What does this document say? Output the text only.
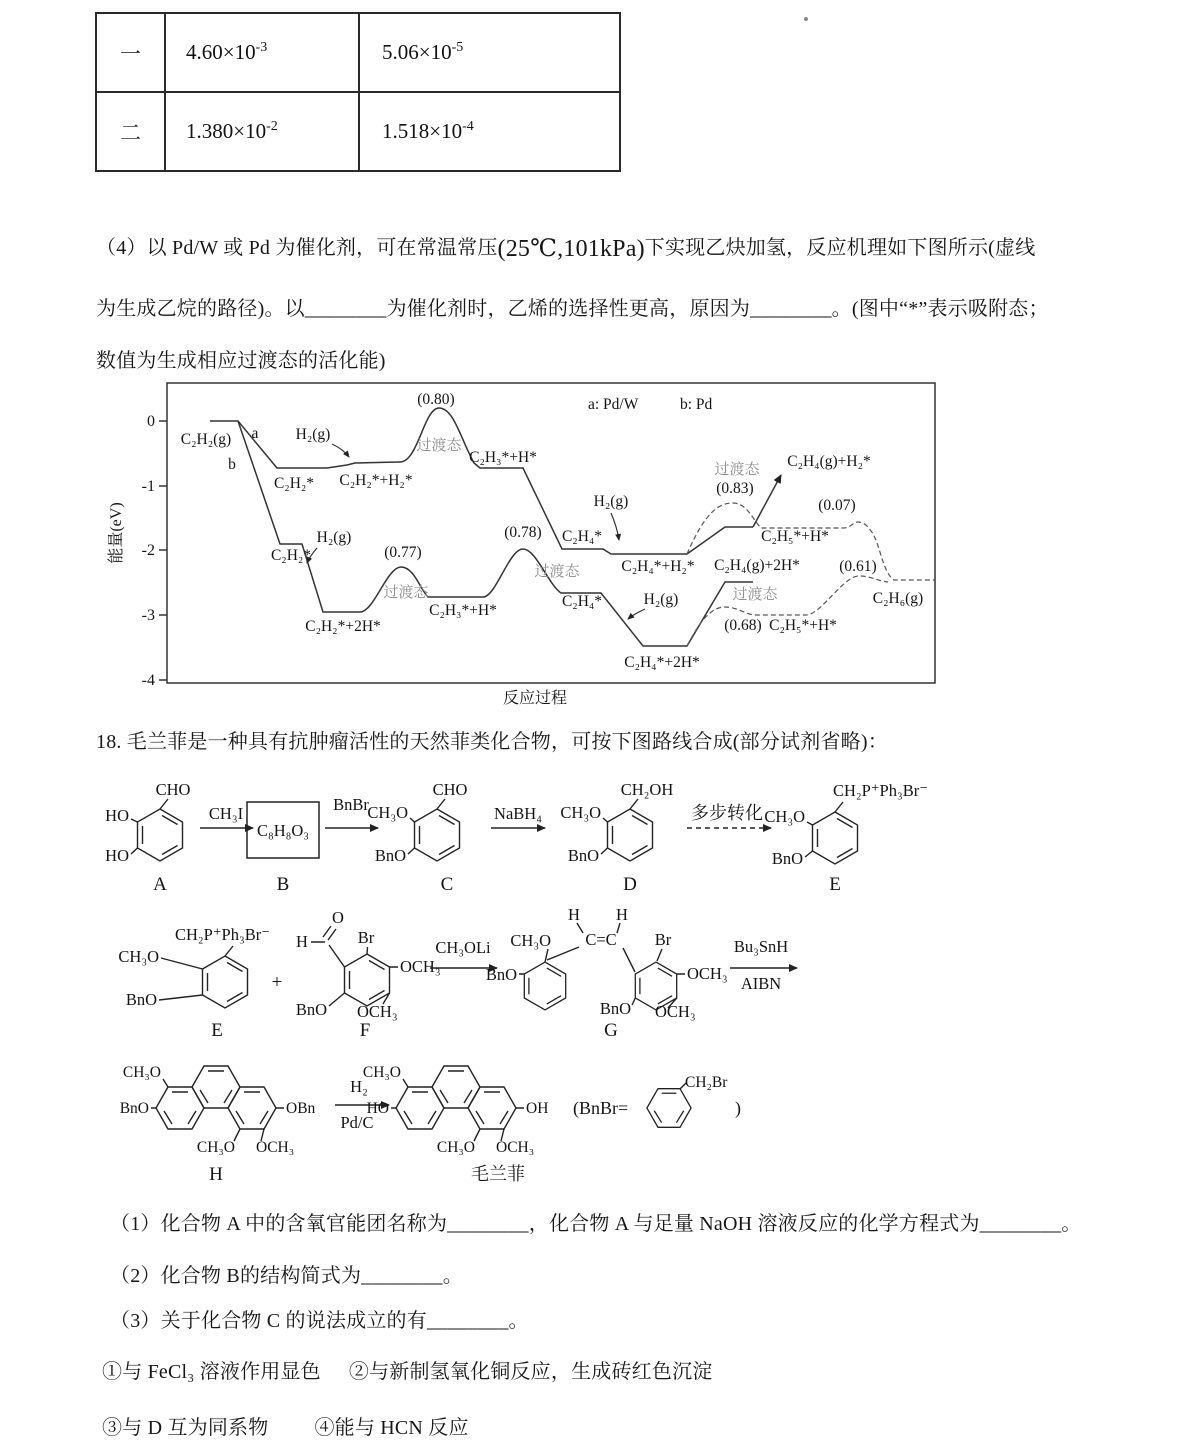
一	$4.60\times 10^{-3}$	$5.06\times 10^{-5}$
二	$1.380\times 10^{-2}$	$1.518\times 10^{-4}$
（4）以 Pd/W 或 Pd 为催化剂，可在常温常压(25℃,101kPa)下实现乙炔加氢，反应机理如下图所示(虚线
为生成乙烷的路径)。以________为催化剂时，乙烯的选择性更高，原因为________。(图中“*”表示吸附态；
数值为生成相应过渡态的活化能)
0
-1
-2
-3
-4
能量(eV)
反应过程
a: Pd/W	b: Pd
C₂H₂(g) a
b
H₂(g)
C₂H₂* C₂H₂*+H₂*
(0.80)
过渡态
C₂H₃*+H*
C₂H₄*
H₂(g)
C₂H₄*+H₂*
过渡态
(0.83)
C₂H₄(g)+H₂*
C₂H₅*+H*
(0.07)
(0.61)
C₂H₆(g)
C₂H₂*
H₂(g)
C₂H₂*+2H*
(0.77)
过渡态
C₂H₃*+H*
(0.78)
过渡态
C₂H₄*	H₂(g)
C₂H₄*+2H*
C₂H₄(g)+2H*
过渡态
(0.68) C₂H₅*+H*
18. 毛兰菲是一种具有抗肿瘤活性的天然菲类化合物，可按下图路线合成(部分试剂省略)：
CHO
HO
HO
A
CH₃I
C₈H₈O₃
B
BnBr
CHO
CH₃O
BnO
C
NaBH₄
CH₂OH
CH₃O
BnO
D
多步转化
CH₂P⁺Ph₃Br⁻
CH₃O
BnO
E
CH₂P⁺Ph₃Br⁻
CH₃O
BnO
E
+
H
O
Br
OCH₃
OCH₃
BnO
F
CH₃OLi CH₃O
BnO
H H
C=C Br
OCH₃
OCH₃
BnO
G
Bu₃SnH
AIBN
CH₃O
BnO
CH₃O OCH₃
OBn
H
H₂
Pd/C
CH₃O
HO
CH₃O OCH₃
OH
毛兰菲
(BnBr=
CH₂Br
)
（1）化合物 A 中的含氧官能团名称为________，化合物 A 与足量 NaOH 溶液反应的化学方程式为________。
（2）化合物 B的结构简式为________。
（3）关于化合物 C 的说法成立的有________。
①与 FeCl₃ 溶液作用显色 ②与新制氢氧化铜反应，生成砖红色沉淀
③与 D 互为同系物 ④能与 HCN 反应
